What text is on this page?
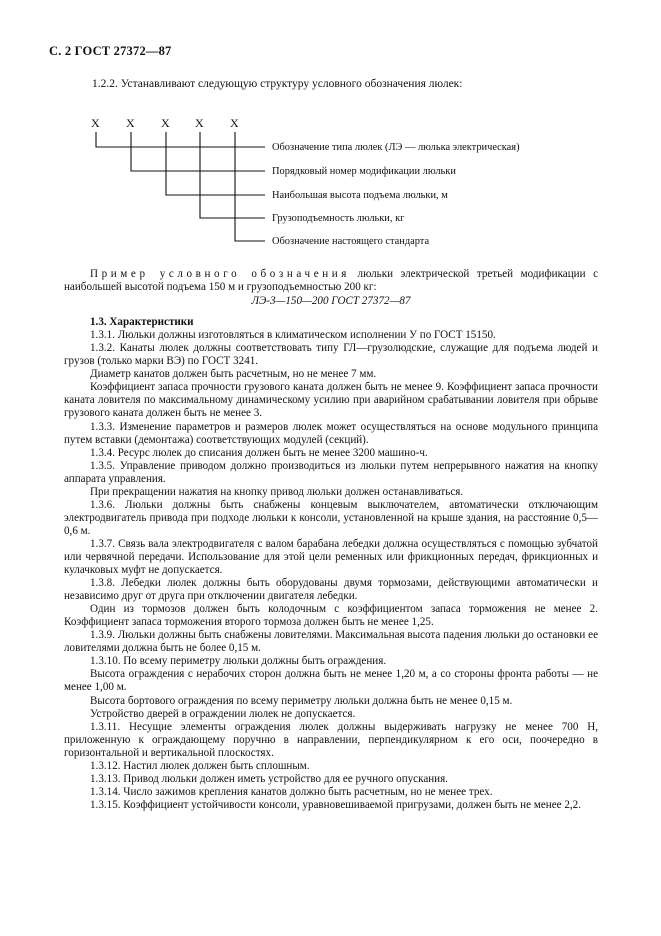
С. 2 ГОСТ 27372—87
1.2.2. Устанавливают следующую структуру условного обозначения люлек:
X X X X X
Обозначение типа люлек (ЛЭ — люлька электрическая)
Порядковый номер модификации люльки
Наибольшая высота подъема люльки, м
Грузоподъемность люльки, кг
Обозначение настоящего стандарта

Пример условного обозначения люльки электрической третьей модификации с наибольшей высотой подъема 150 м и грузоподъемностью 200 кг:

ЛЭ-3—150—200 ГОСТ 27372—87

1.3. Характеристики

1.3.1. Люльки должны изготовляться в климатическом исполнении У по ГОСТ 15150.

1.3.2. Канаты люлек должны соответствовать типу ГЛ—грузолюдские, служащие для подъема людей и грузов (только марки ВЭ) по ГОСТ 3241.

Диаметр канатов должен быть расчетным, но не менее 7 мм.

Коэффициент запаса прочности грузового каната должен быть не менее 9. Коэффициент запаса прочности каната ловителя по максимальному динамическому усилию при аварийном срабатывании ловителя при обрыве грузового каната должен быть не менее 3.

1.3.3. Изменение параметров и размеров люлек может осуществляться на основе модульного принципа путем вставки (демонтажа) соответствующих модулей (секций).

1.3.4. Ресурс люлек до списания должен быть не менее 3200 машино-ч.

1.3.5. Управление приводом должно производиться из люльки путем непрерывного нажатия на кнопку аппарата управления.

При прекращении нажатия на кнопку привод люльки должен останавливаться.

1.3.6. Люльки должны быть снабжены концевым выключателем, автоматически отключающим электродвигатель привода при подходе люльки к консоли, установленной на крыше здания, на расстояние 0,5—0,6 м.

1.3.7. Связь вала электродвигателя с валом барабана лебедки должна осуществляться с помощью зубчатой или червячной передачи. Использование для этой цели ременных или фрикционных передач, фрикционных и кулачковых муфт не допускается.

1.3.8. Лебедки люлек должны быть оборудованы двумя тормозами, действующими автоматически и независимо друг от друга при отключении двигателя лебедки.

Один из тормозов должен быть колодочным с коэффициентом запаса торможения не менее 2. Коэффициент запаса торможения второго тормоза должен быть не менее 1,25.

1.3.9. Люльки должны быть снабжены ловителями. Максимальная высота падения люльки до остановки ее ловителями должна быть не более 0,15 м.

1.3.10. По всему периметру люльки должны быть ограждения.

Высота ограждения с нерабочих сторон должна быть не менее 1,20 м, а со стороны фронта работы — не менее 1,00 м.

Высота бортового ограждения по всему периметру люльки должна быть не менее 0,15 м.

Устройство дверей в ограждении люлек не допускается.

1.3.11. Несущие элементы ограждения люлек должны выдерживать нагрузку не менее 700 Н, приложенную к ограждающему поручню в направлении, перпендикулярном к его оси, поочередно в горизонтальной и вертикальной плоскостях.

1.3.12. Настил люлек должен быть сплошным.

1.3.13. Привод люльки должен иметь устройство для ее ручного опускания.

1.3.14. Число зажимов крепления канатов должно быть расчетным, но не менее трех.

1.3.15. Коэффициент устойчивости консоли, уравновешиваемой пригрузами, должен быть не менее 2,2.
